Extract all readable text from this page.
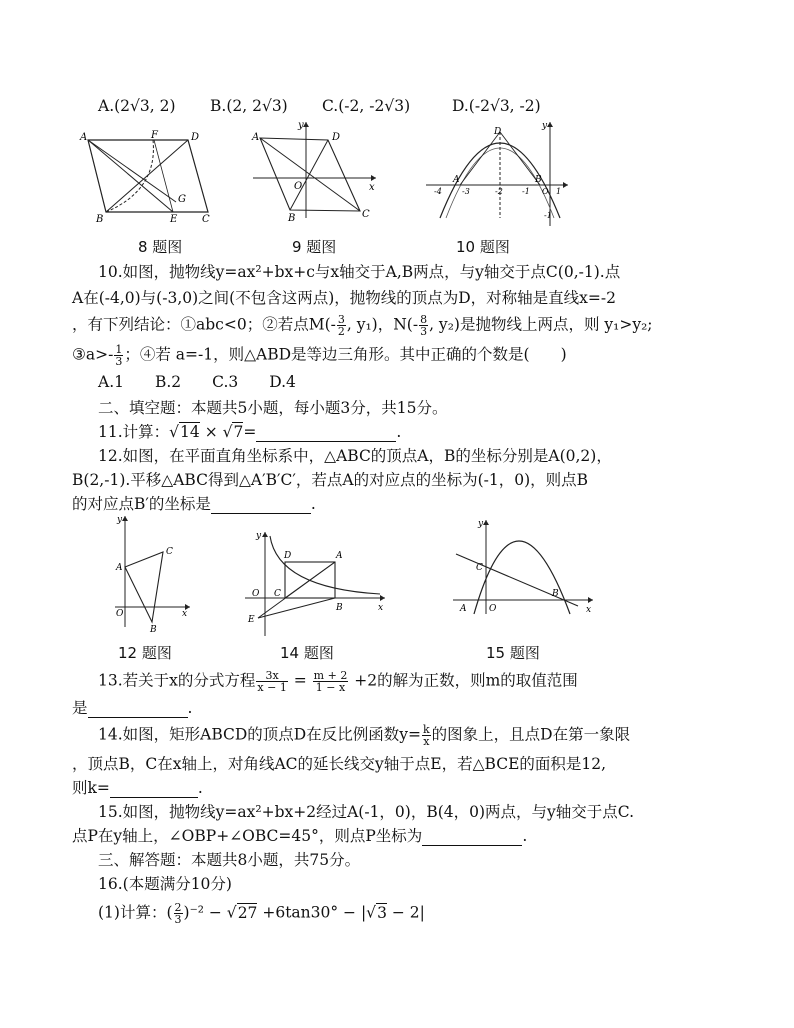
A.(2√3, 2) B.(2, 2√3) C.(-2, -2√3)	D.(-2√3, -2)
A	F	D
G
B	E C
8 题图
y
A	D
O	x
B	C
9 题图
y
D
-4
A
-3	-2 -1
B
O
-1
1
10 题图
10.如图，抛物线y=ax²+bx+c与x轴交于A,B两点，与y轴交于点C(0,-1).点
A在(-4,0)与(-3,0)之间(不包含这两点)，抛物线的顶点为D，对称轴是直线x=-2
，有下列结论：①abc<0；②若点$M(- \frac{3}{2}$ , y₁)，$N(- \frac{8}{3}$ , y₂)是抛物线上两点，则 y₁>y₂;
③a>- $\frac{1}{3}$ ；④若 a=-1，则△ABD是等边三角形。其中正确的个数是(　　)
A.1　　B.2　　C.3　　D.4
二、填空题：本题共5小题，每小题3分，共15分。
11.计算：√14 × √7=	.
12.如图，在平面直角坐标系中，△ABC的顶点A，B的坐标分别是A(0,2)，
B(2,-1).平移△ABC得到△A′B′C′，若点A的对应点的坐标为(-1，0)，则点B
的对应点B′的坐标是	.
y
C
A
O
B
x
12 题图
y
D	A
O C
B	x
E
14 题图
y
C
A	O
B
x
15 题图
13.若关于x的分式方程 $\frac{3x}{x - 1} = \frac{m + 2}{1 - x} +2$的解为正数，则m的取值范围
是	.
14.如图，矩形ABCD的顶点D在反比例函数$y= \frac{k}{x}$ 的图象上，且点D在第一象限
，顶点B，C在x轴上，对角线AC的延长线交y轴于点E，若△BCE的面积是12,
则k=	.
15.如图，抛物线y=ax²+bx+2经过A(-1，0)，B(4，0)两点，与y轴交于点C.
点P在y轴上，∠OBP+∠OBC=45°，则点P坐标为	.
三、解答题：本题共8小题，共75分。
16.(本题满分10分)
(1)计算：( $\frac{2}{3} )^{-2} - √27 +6\tan 30^\circ - |√3 - 2|$
